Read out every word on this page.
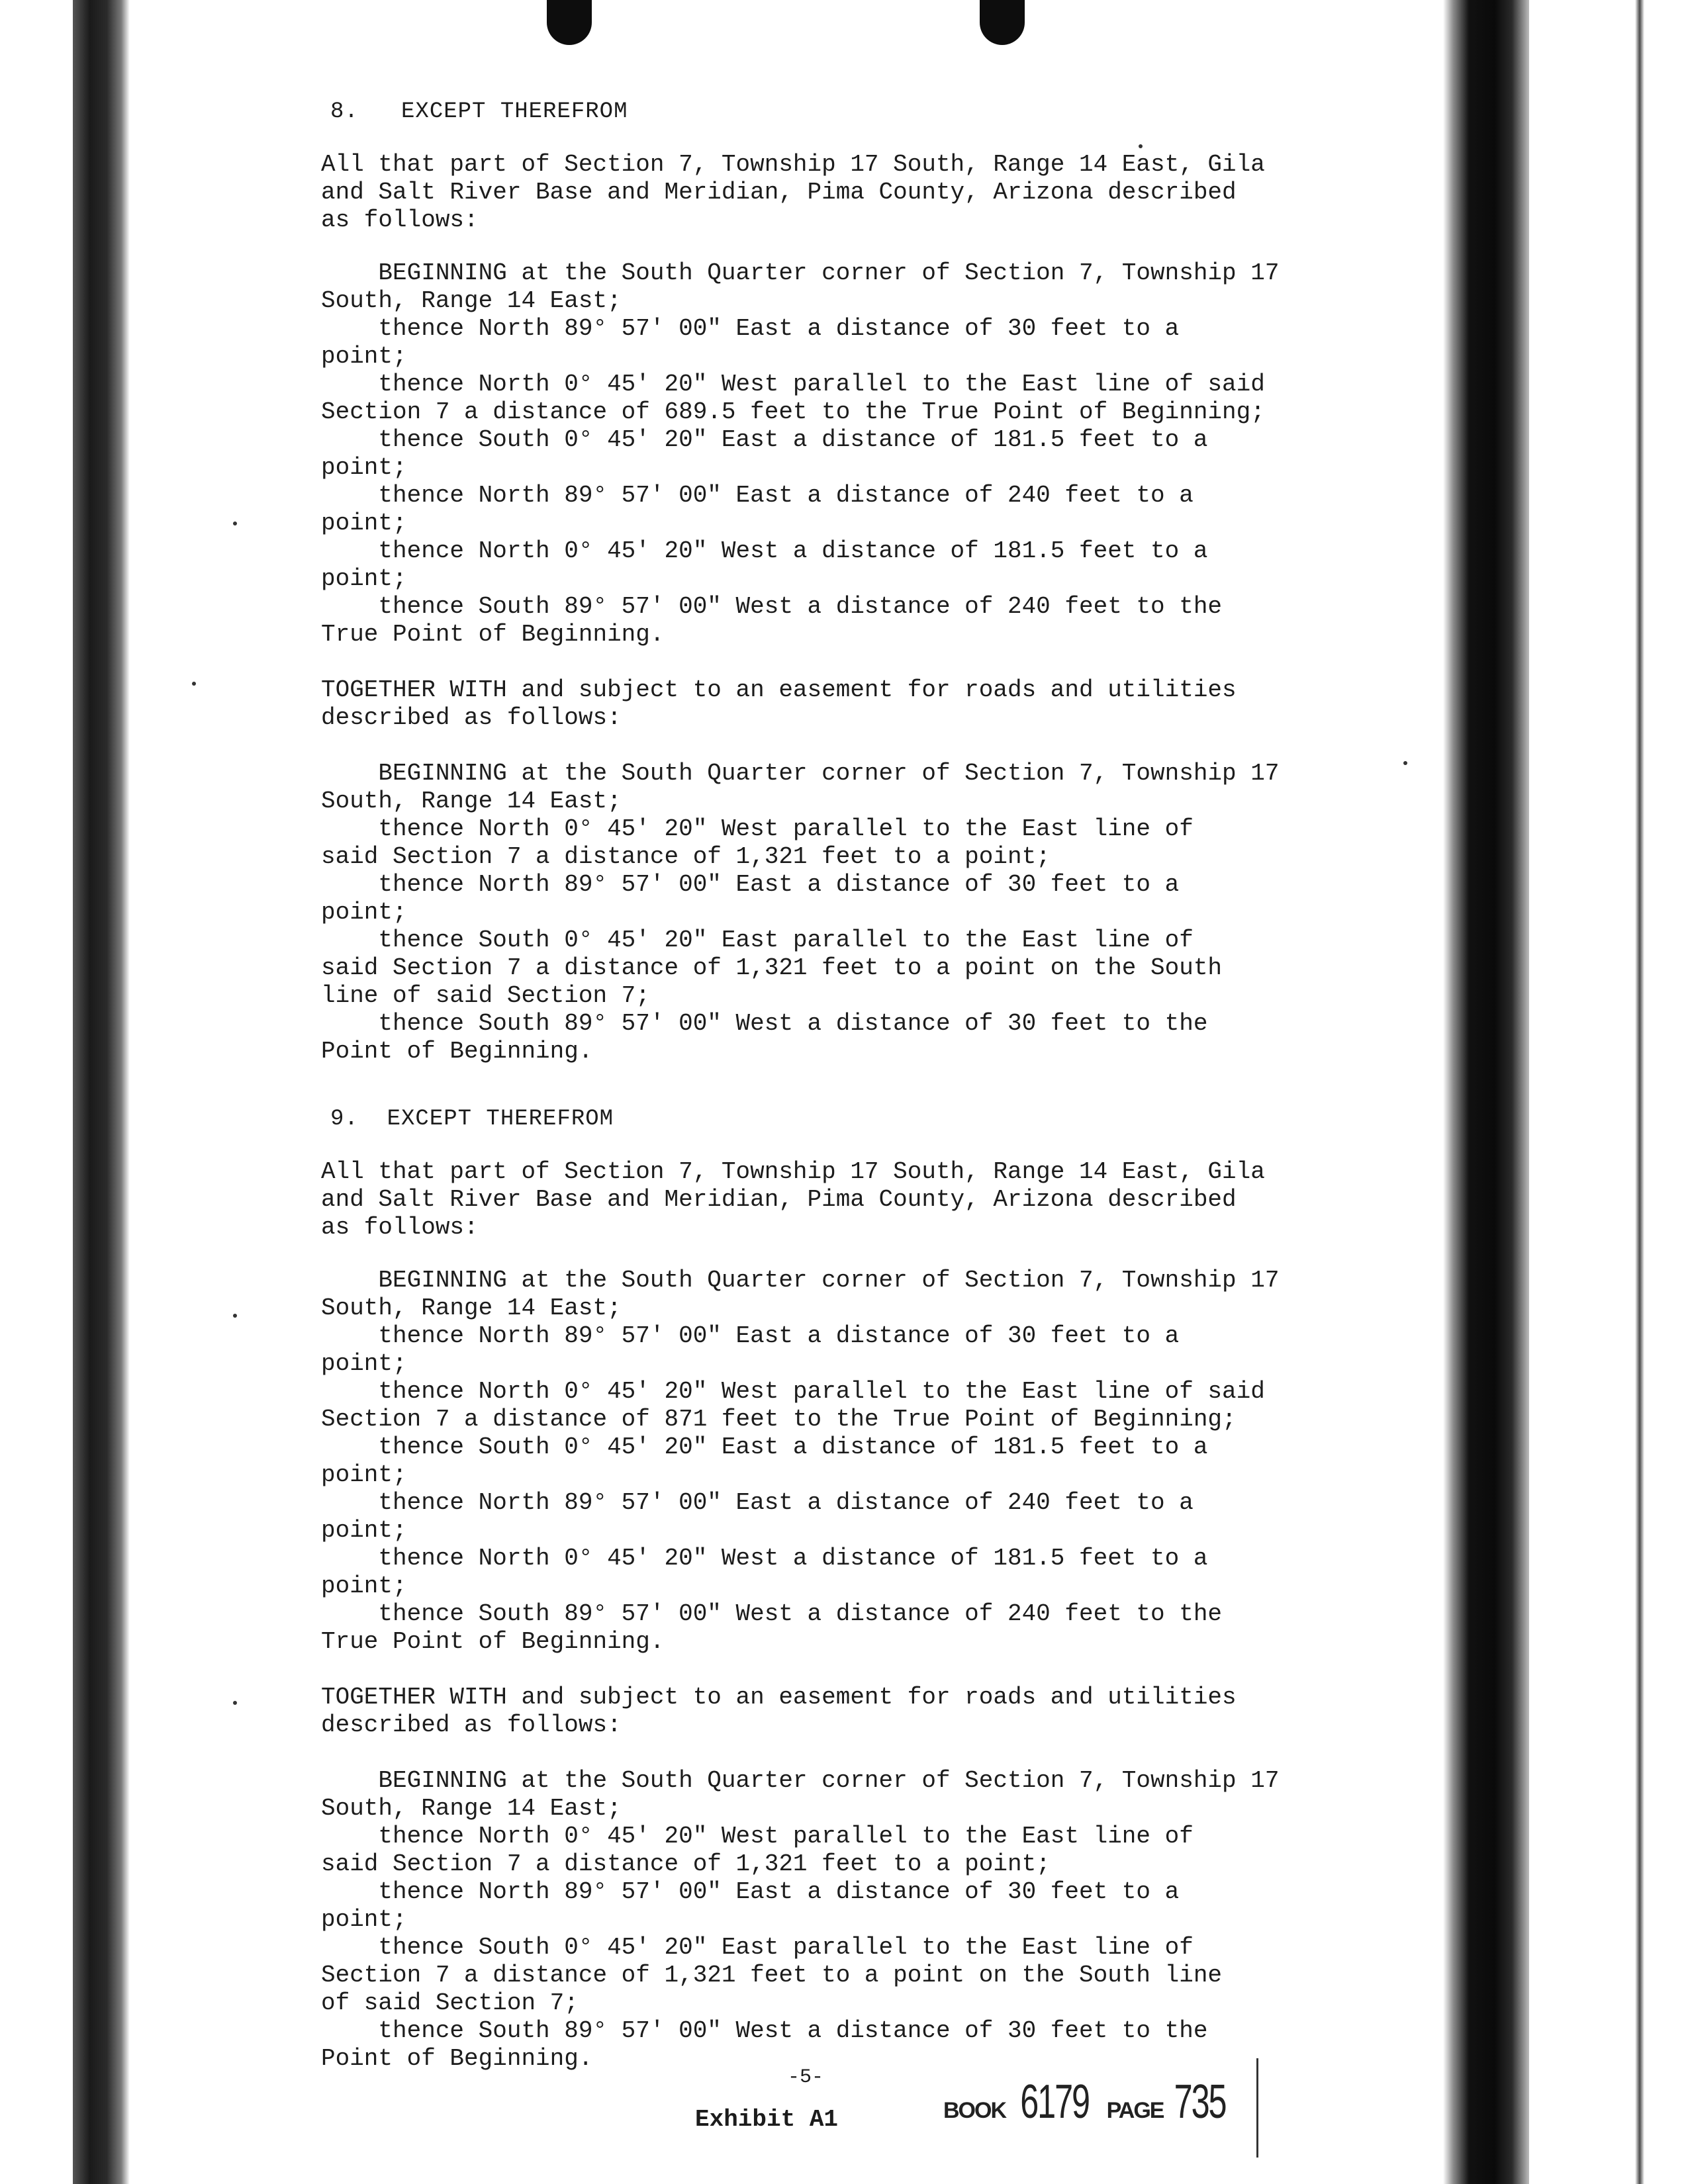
8.   EXCEPT THEREFROM

All that part of Section 7, Township 17 South, Range 14 East, Gila

and Salt River Base and Meridian, Pima County, Arizona described

as follows:

BEGINNING at the South Quarter corner of Section 7, Township 17

South, Range 14 East;

thence North 89° 57' 00" East a distance of 30 feet to a

point;

thence North 0° 45' 20" West parallel to the East line of said

Section 7 a distance of 689.5 feet to the True Point of Beginning;

thence South 0° 45' 20" East a distance of 181.5 feet to a

point;

thence North 89° 57' 00" East a distance of 240 feet to a

point;

thence North 0° 45' 20" West a distance of 181.5 feet to a

point;

thence South 89° 57' 00" West a distance of 240 feet to the

True Point of Beginning.

TOGETHER WITH and subject to an easement for roads and utilities

described as follows:

BEGINNING at the South Quarter corner of Section 7, Township 17

South, Range 14 East;

thence North 0° 45' 20" West parallel to the East line of

said Section 7 a distance of 1,321 feet to a point;

thence North 89° 57' 00" East a distance of 30 feet to a

point;

thence South 0° 45' 20" East parallel to the East line of

said Section 7 a distance of 1,321 feet to a point on the South

line of said Section 7;

thence South 89° 57' 00" West a distance of 30 feet to the

Point of Beginning.

9.  EXCEPT THEREFROM

All that part of Section 7, Township 17 South, Range 14 East, Gila

and Salt River Base and Meridian, Pima County, Arizona described

as follows:

BEGINNING at the South Quarter corner of Section 7, Township 17

South, Range 14 East;

thence North 89° 57' 00" East a distance of 30 feet to a

point;

thence North 0° 45' 20" West parallel to the East line of said

Section 7 a distance of 871 feet to the True Point of Beginning;

thence South 0° 45' 20" East a distance of 181.5 feet to a

point;

thence North 89° 57' 00" East a distance of 240 feet to a

point;

thence North 0° 45' 20" West a distance of 181.5 feet to a

point;

thence South 89° 57' 00" West a distance of 240 feet to the

True Point of Beginning.

TOGETHER WITH and subject to an easement for roads and utilities

described as follows:

BEGINNING at the South Quarter corner of Section 7, Township 17

South, Range 14 East;

thence North 0° 45' 20" West parallel to the East line of

said Section 7 a distance of 1,321 feet to a point;

thence North 89° 57' 00" East a distance of 30 feet to a

point;

thence South 0° 45' 20" East parallel to the East line of

Section 7 a distance of 1,321 feet to a point on the South line

of said Section 7;

thence South 89° 57' 00" West a distance of 30 feet to the

Point of Beginning.

-5-
Exhibit A1	BOOK 6179 PAGE 735
